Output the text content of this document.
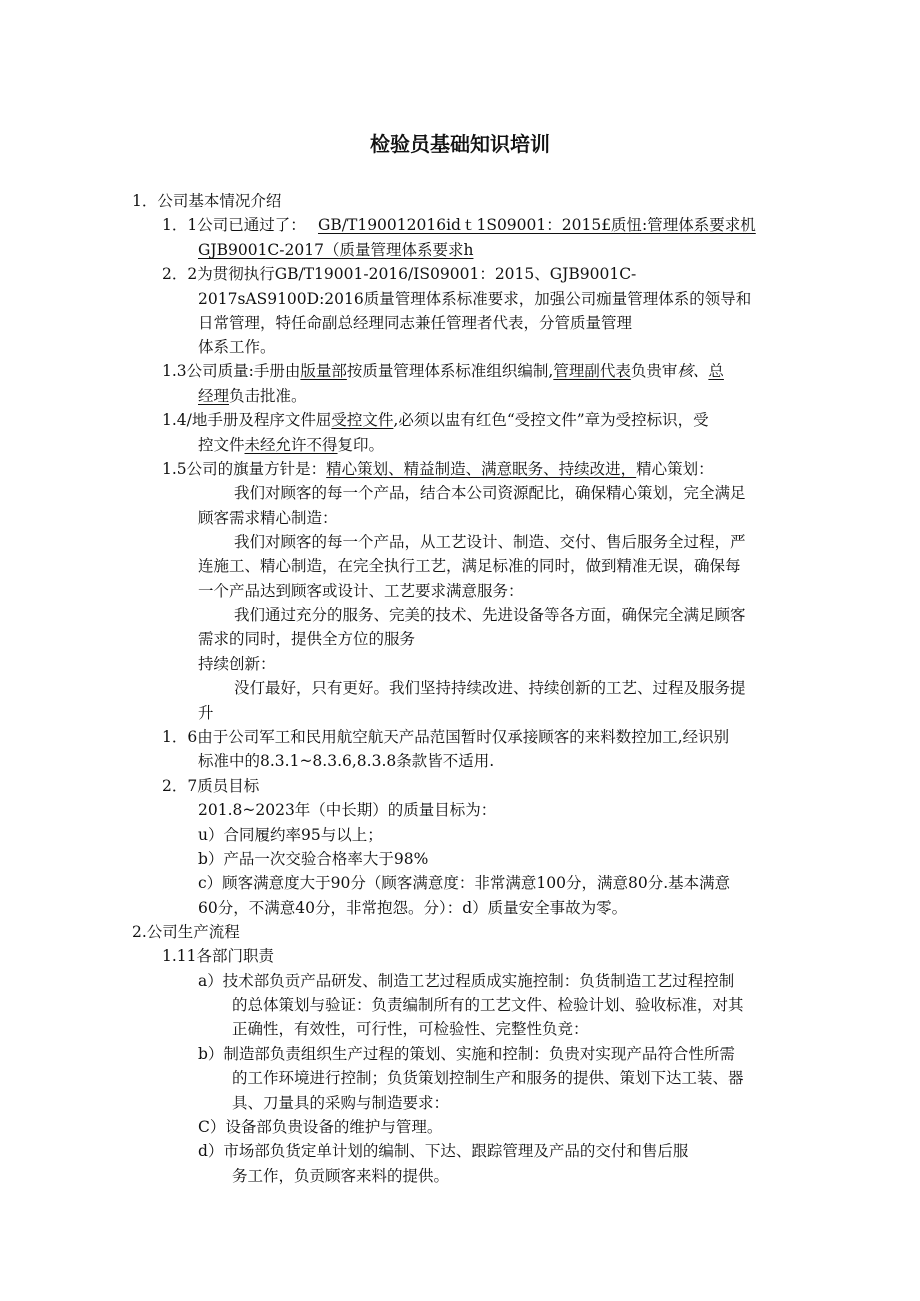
检验员基础知识培训
1．公司基本情况介绍
1．1公司已通过了： GB/T190012016idｔ1S09001：2015£质忸:管理体系要求机
GJB9001C-2017（质量管理体系要求h
2．2为贯彻执行GB/T19001-2016/IS09001：2015、GJB9001C-
2017sAS9100D:2016质量管理体系标准要求，加强公司痂量管理体系的领导和
日常管理，特任命副总经理同志兼任管理者代表，分管质量管理
体系工作。
1.3公司质量:手册由版量部按质量管理体系标准组织编制,管理副代表负贵审核、总
经理负击批准。
1.4/地手册及程序文件屈受控文件,必须以盅有红色“受控文件”章为受控标识，受
控文件未经允许不得复印。
1.5公司的旗量方针是：精心策划、精益制造、满意眠务、持续改进，精心策划：
我们对顾客的每一个产品，结合本公司资源配比，确保精心策划，完全满足
顾客需求精心制造：
我们对顾客的每一个产品，从工艺设计、制造、交付、售后服务全过程，严
连施工、精心制造，在完全执行工艺，满足标准的同时，做到精准无误，确保每
一个产品达到顾客或设计、工艺要求满意服务：
我们通过充分的服务、完美的技术、先进设备等各方面，确保完全满足顾客
需求的同时，提供全方位的服务
持续创新：
没仃最好，只有更好。我们坚持持续改进、持续创新的工艺、过程及服务提
升
1．6由于公司军工和民用航空航天产品范国暂时仅承接顾客的来料数控加工,经识别
标准中的8.3.1~8.3.6,8.3.8条款皆不适用.
2．7质员目标
201.8~2023年（中长期）的质量目标为：
u）合同履约率95与以上；
b）产品一次交验合格率大于98%
c）顾客满意度大于90分（顾客满意度：非常满意100分，满意80分.基本满意
60分，不满意40分，非常抱怨。分）：d）质量安全事故为零。
2.公司生产流程
1.11各部门职责
a）技术部负贡产品研发、制造工艺过程质成实施控制：负货制造工艺过程控制
的总体策划与验证：负责编制所有的工艺文件、检验计划、验收标准，对其
正确性，有效性，可行性，可检验性、完整性负竞：
b）制造部负责组织生产过程的策划、实施和控制：负贵对实现产品符合性所需
的工作环境进行控制；负货策划控制生产和服务的提供、策划下达工装、器
具、刀量具的采购与制造要求：
C）设备部负贵设备的维护与管理。
d）市场部负货定单计划的编制、下达、跟踪管理及产品的交付和售后服
务工作，负贡顾客来料的提供。
